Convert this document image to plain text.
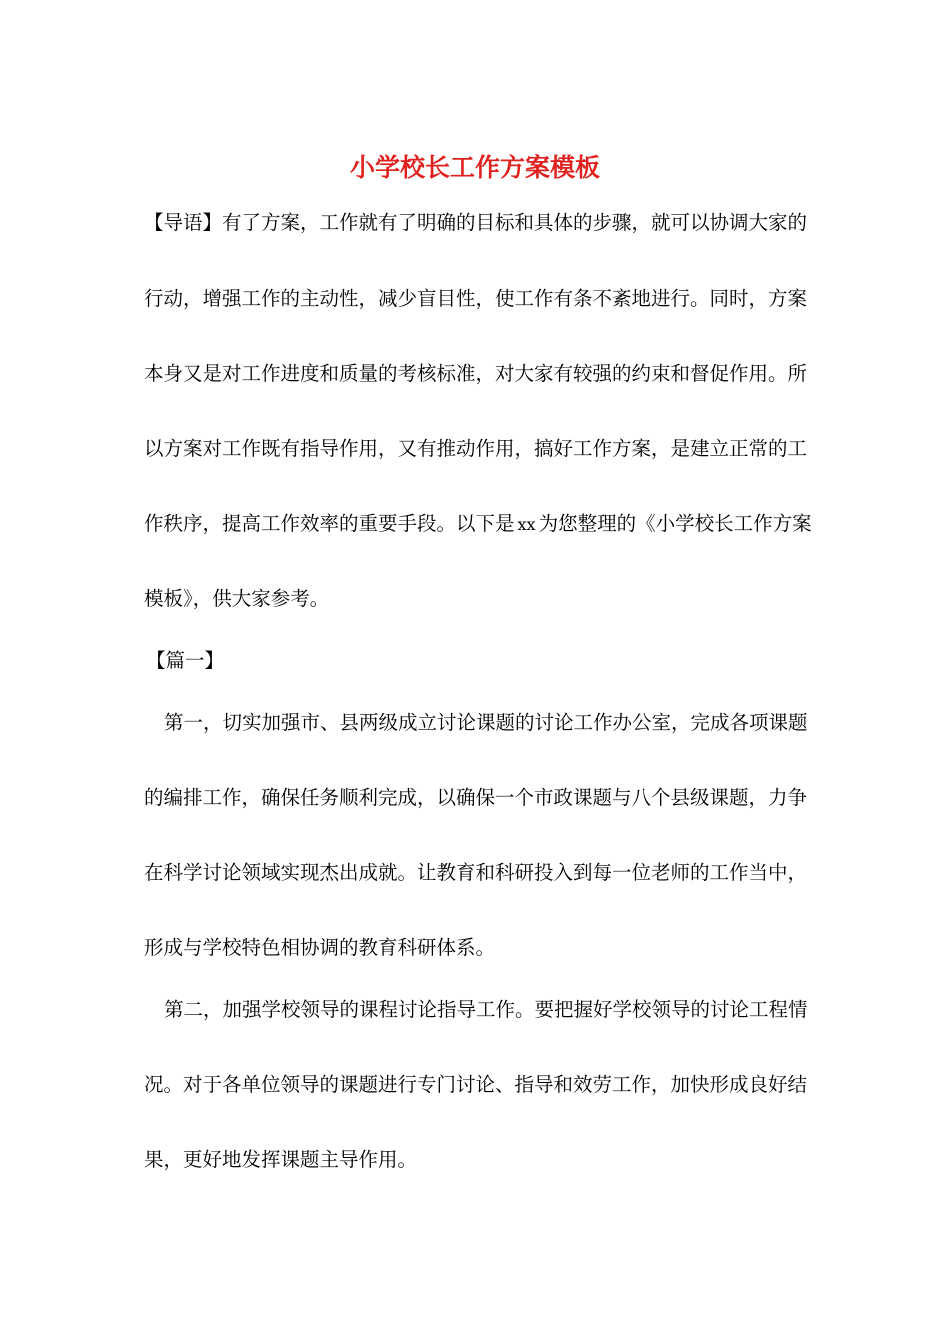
小学校长工作方案模板

【导语】有了方案，工作就有了明确的目标和具体的步骤，就可以协调大家的

行动，增强工作的主动性，减少盲目性，使工作有条不紊地进行。同时，方案

本身又是对工作进度和质量的考核标准，对大家有较强的约束和督促作用。所

以方案对工作既有指导作用，又有推动作用，搞好工作方案，是建立正常的工

作秩序，提高工作效率的重要手段。以下是 xx 为您整理的《小学校长工作方案

模板》，供大家参考。

【篇一】

第一，切实加强市、县两级成立讨论课题的讨论工作办公室，完成各项课题

的编排工作，确保任务顺利完成，以确保一个市政课题与八个县级课题，力争

在科学讨论领域实现杰出成就。让教育和科研投入到每一位老师的工作当中，

形成与学校特色相协调的教育科研体系。

第二，加强学校领导的课程讨论指导工作。要把握好学校领导的讨论工程情

况。对于各单位领导的课题进行专门讨论、指导和效劳工作，加快形成良好结

果，更好地发挥课题主导作用。
